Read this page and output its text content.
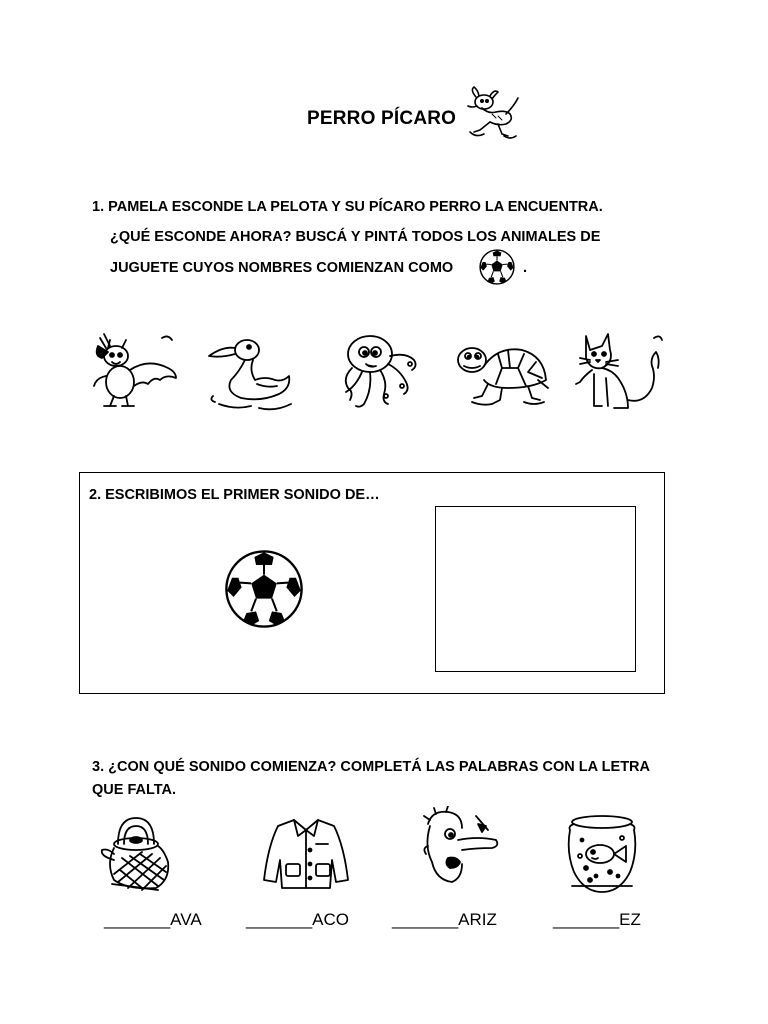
PERRO PÍCARO
1. PAMELA ESCONDE LA PELOTA Y SU PÍCARO PERRO LA ENCUENTRA.
¿QUÉ ESCONDE AHORA? BUSCÁ Y PINTÁ TODOS LOS ANIMALES DE
JUGUETE CUYOS NOMBRES COMIENZAN COMO	.
2. ESCRIBIMOS EL PRIMER SONIDO DE…
3. ¿CON QUÉ SONIDO COMIENZA? COMPLETÁ LAS PALABRAS CON LA LETRA QUE FALTA.
_______AVA	_______ACO	_______ARIZ	_______EZ
